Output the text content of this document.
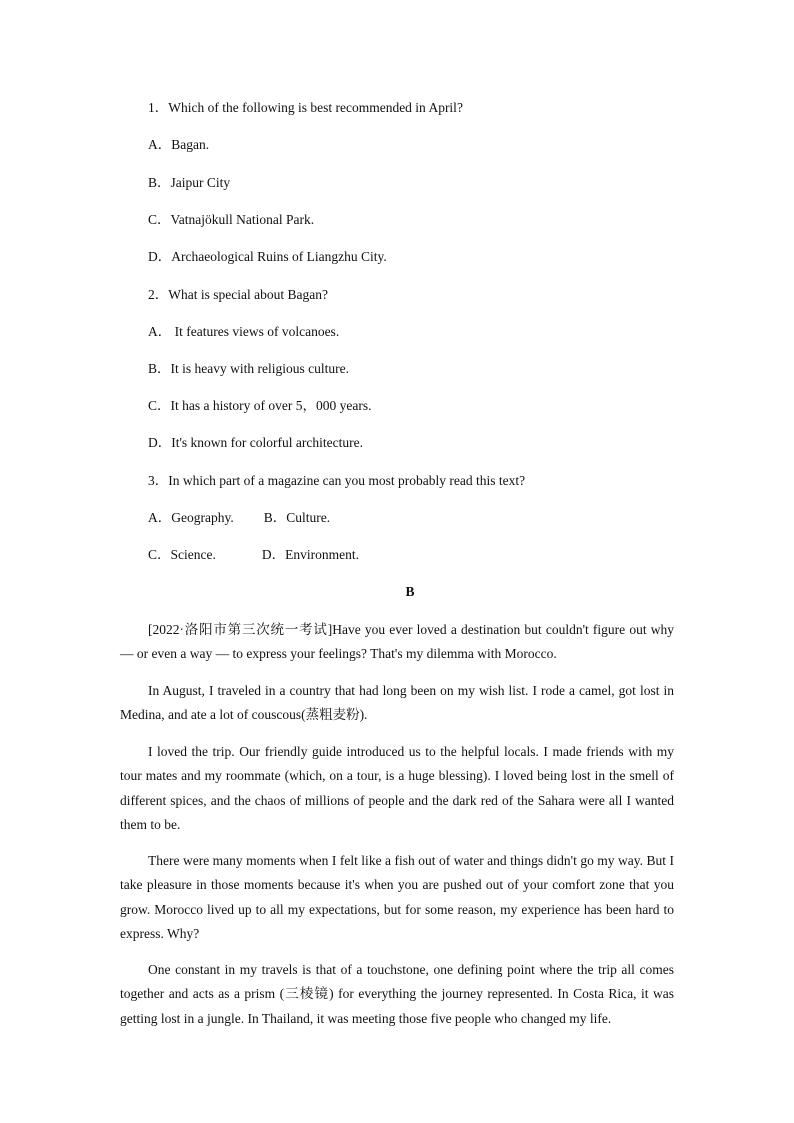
1．Which of the following is best recommended in April?
A．Bagan.
B．Jaipur City
C．Vatnajökull National Park.
D．Archaeological Ruins of Liangzhu City.
2．What is special about Bagan?
A． It features views of volcanoes.
B．It is heavy with religious culture.
C．It has a history of over 5，000 years.
D．It's known for colorful architecture.
3．In which part of a magazine can you most probably read this text?
A．Geography. B．Culture.
C．Science.	D．Environment.
B

[2022·洛阳市第三次统一考试]Have you ever loved a destination but couldn't figure out why — or even a way — to express your feelings? That's my dilemma with Morocco.

In August, I traveled in a country that had long been on my wish list. I rode a camel, got lost in Medina, and ate a lot of couscous(蒸粗麦粉).

I loved the trip. Our friendly guide introduced us to the helpful locals. I made friends with my tour mates and my roommate (which, on a tour, is a huge blessing). I loved being lost in the smell of different spices, and the chaos of millions of people and the dark red of the Sahara were all I wanted them to be.

There were many moments when I felt like a fish out of water and things didn't go my way. But I take pleasure in those moments because it's when you are pushed out of your comfort zone that you grow. Morocco lived up to all my expectations, but for some reason, my experience has been hard to express. Why?

One constant in my travels is that of a touchstone, one defining point where the trip all comes together and acts as a prism (三棱镜) for everything the journey represented. In Costa Rica, it was getting lost in a jungle. In Thailand, it was meeting those five people who changed my life.
